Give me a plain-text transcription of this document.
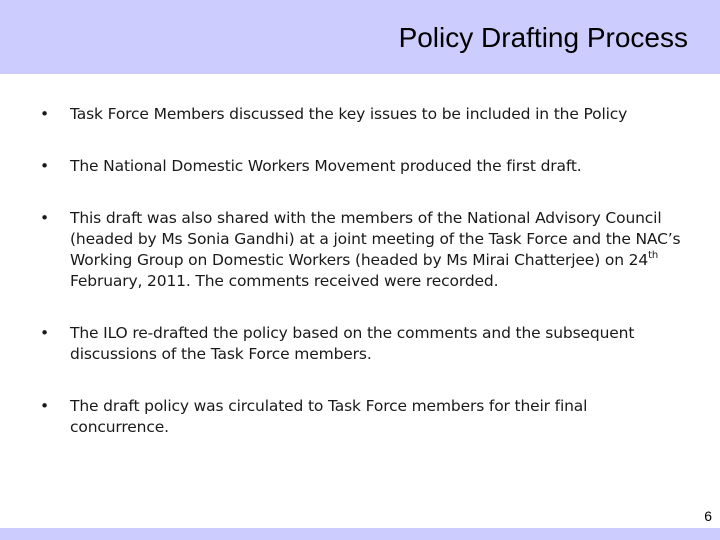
Policy Drafting Process
• Task Force Members discussed the key issues to be included in the Policy
• The National Domestic Workers Movement produced the first draft.
• This draft was also shared with the members of the National Advisory Council (headed by Ms Sonia Gandhi) at a joint meeting of the Task Force and the NAC’s Working Group on Domestic Workers (headed by Ms Mirai Chatterjee) on 24th February, 2011. The comments received were recorded.
• The ILO re-drafted the policy based on the comments and the subsequent discussions of the Task Force members.
• The draft policy was circulated to Task Force members for their final concurrence.
6
